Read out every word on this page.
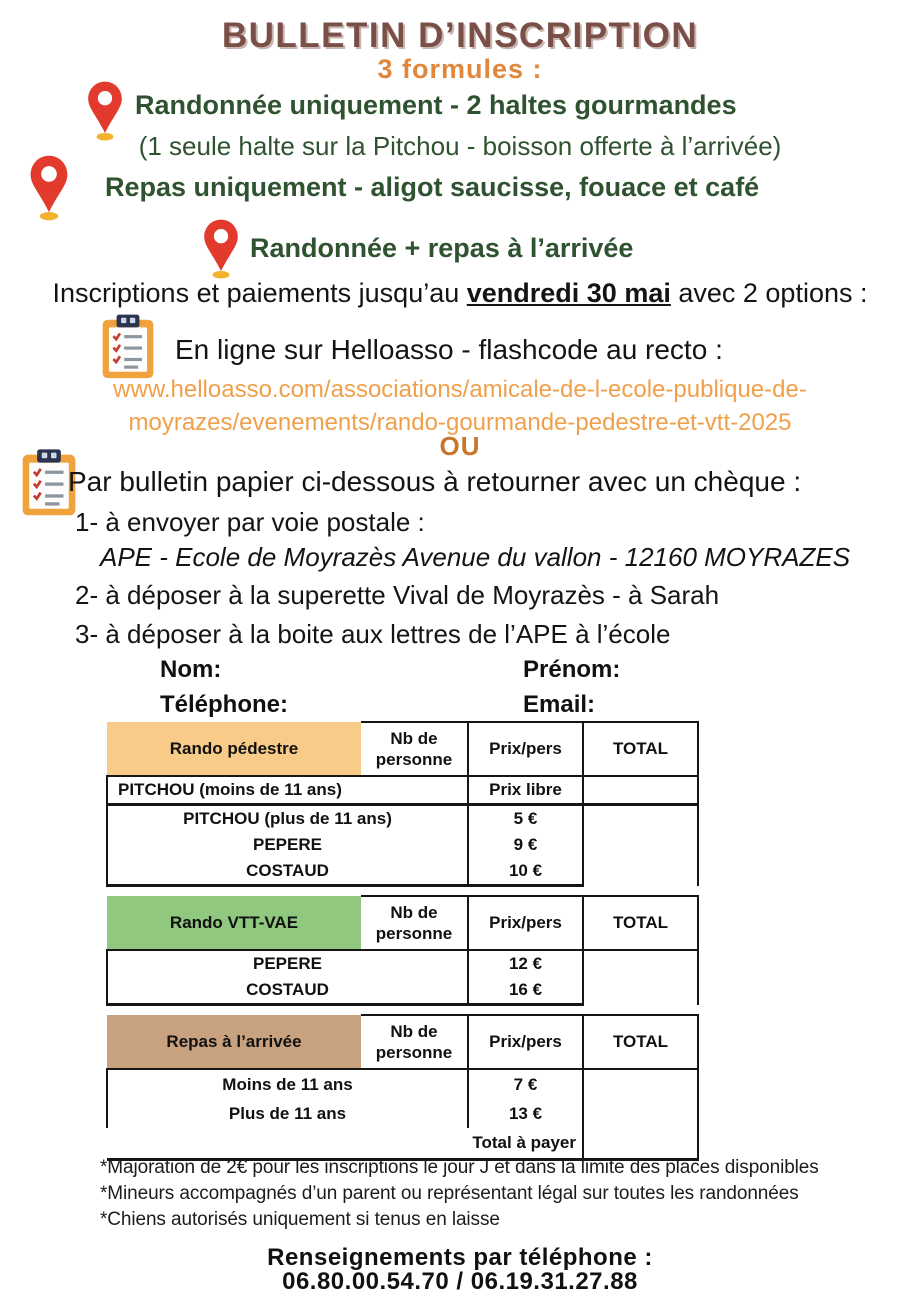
BULLETIN D’INSCRIPTION
3 formules :
Randonnée uniquement - 2 haltes gourmandes
(1 seule halte sur la Pitchou - boisson offerte à l’arrivée)
Repas uniquement - aligot saucisse, fouace et café
Randonnée + repas à l’arrivée
Inscriptions et paiements jusqu’au vendredi 30 mai avec 2 options :
En ligne sur Helloasso - flashcode au recto :
www.helloasso.com/associations/amicale-de-l-ecole-publique-de-
moyrazes/evenements/rando-gourmande-pedestre-et-vtt-2025
OU
Par bulletin papier ci-dessous à retourner avec un chèque :
1- à envoyer par voie postale :
APE - Ecole de Moyrazès Avenue du vallon - 12160 MOYRAZES
2- à déposer à la superette Vival de Moyrazès - à Sarah
3- à déposer à la boite aux lettres de l’APE à l’école
Nom:	Prénom:
Téléphone:	Email:
Rando pédestre	Nb de personne	Prix/pers	TOTAL
PITCHOU (moins de 11 ans)		Prix libre	
PITCHOU (plus de 11 ans)		5 €	
PEPERE		9 €	
COSTAUD		10 €	
Rando VTT-VAE	Nb de personne	Prix/pers	TOTAL
PEPERE		12 €	
COSTAUD		16 €	
Repas à l’arrivée	Nb de personne	Prix/pers	TOTAL
Moins de 11 ans		7 €	
Plus de 11 ans		13 €	
Total à payer			
*Majoration de 2€ pour les inscriptions le jour J et dans la limite des places disponibles
*Mineurs accompagnés d’un parent ou représentant légal sur toutes les randonnées
*Chiens autorisés uniquement si tenus en laisse
Renseignements par téléphone :
06.80.00.54.70 / 06.19.31.27.88
